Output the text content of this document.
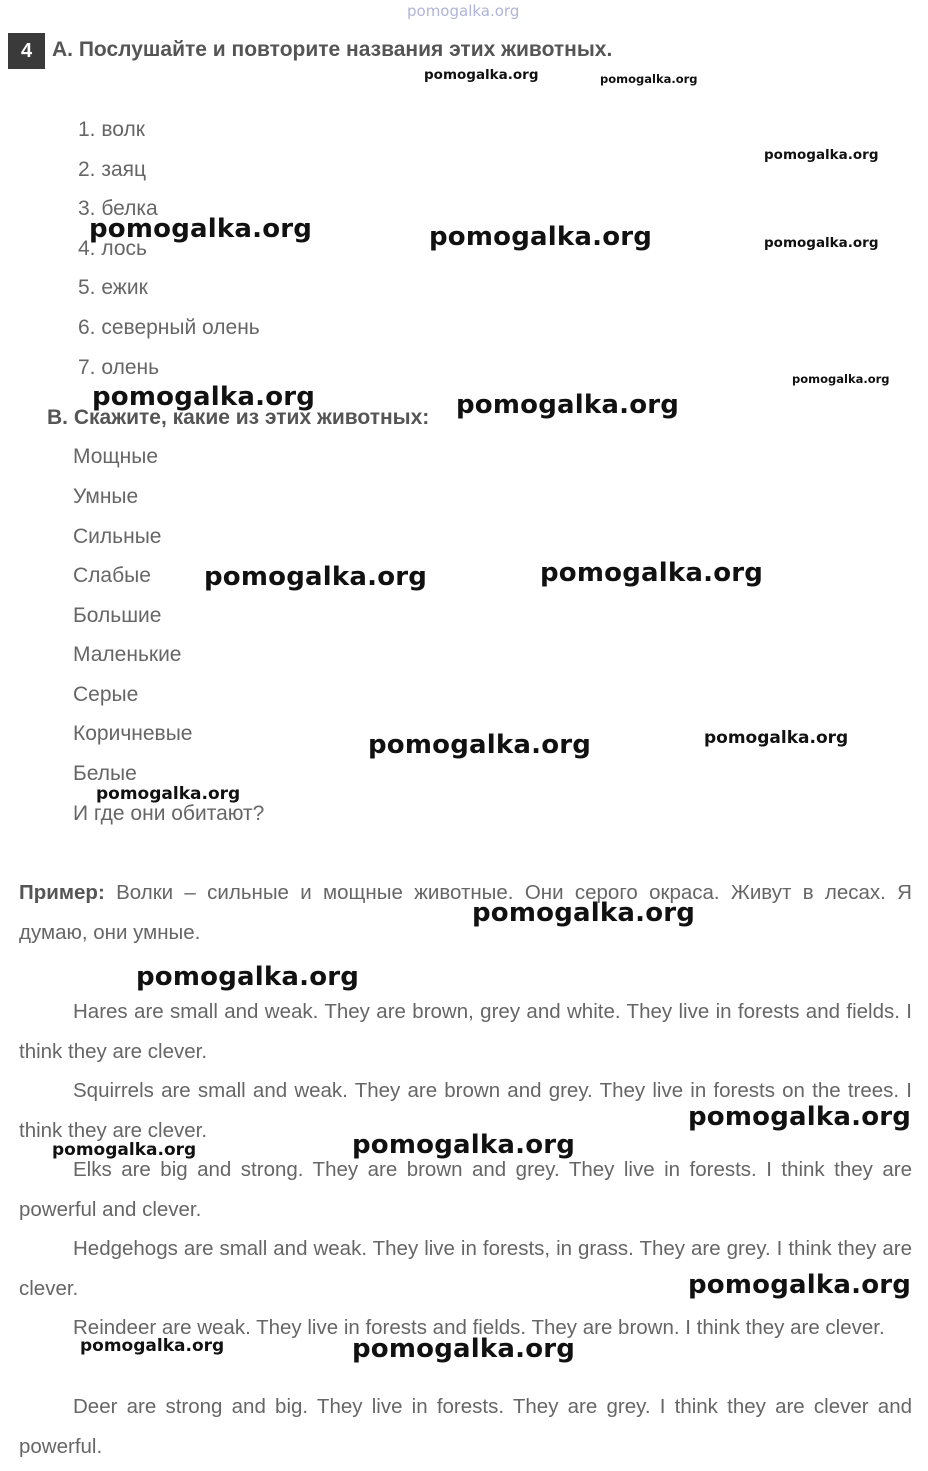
4 A. Послушайте и повторите названия этих животных.
1. волк
2. заяц
3. белка
4. лось
5. ежик
6. северный олень
7. олень
B. Скажите, какие из этих животных:
Мощные
Умные
Сильные
Слабые
Большие
Маленькие
Серые
Коричневые
Белые
И где они обитают?
Пример: Волки – сильные и мощные животные. Они серого окраса. Живут в лесах. Я думаю, они умные.
Hares are small and weak. They are brown, grey and white. They live in forests and fields. I think they are clever.
Squirrels are small and weak. They are brown and grey. They live in forests on the trees. I think they are clever.
Elks are big and strong. They are brown and grey. They live in forests. I think they are powerful and clever.
Hedgehogs are small and weak. They live in forests, in grass. They are grey. I think they are clever.
Reindeer are weak. They live in forests and fields. They are brown. I think they are clever.
Deer are strong and big. They live in forests. They are grey. I think they are clever and powerful.
pomogalka.org
pomogalka.org	pomogalka.org
pomogalka.org
pomogalka.org	pomogalka.org	pomogalka.org
pomogalka.org
pomogalka.org	pomogalka.org
pomogalka.org	pomogalka.org
pomogalka.org	pomogalka.org
pomogalka.org
pomogalka.org
pomogalka.org
pomogalka.org
pomogalka.org	pomogalka.org
pomogalka.org
pomogalka.org	pomogalka.org
